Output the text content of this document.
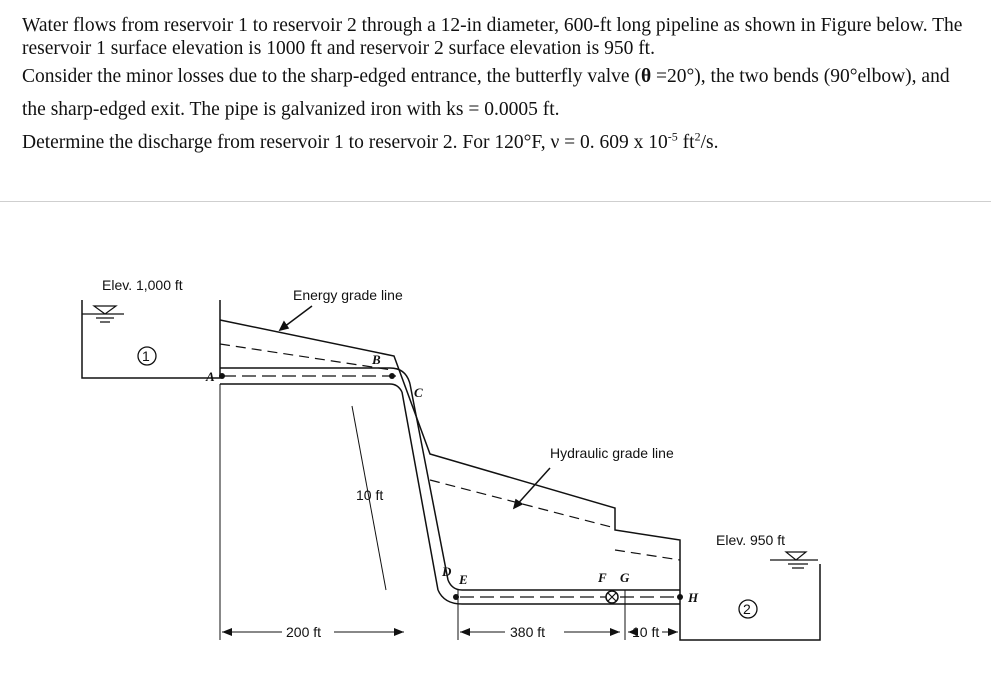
Water flows from reservoir 1 to reservoir 2 through a 12-in diameter, 600-ft long pipeline as shown in Figure below. The reservoir 1 surface elevation is 1000 ft and reservoir 2 surface elevation is 950 ft.

Consider the minor losses due to the sharp-edged entrance, the butterfly valve (θ =20°), the two bends (90°elbow), and the sharp-edged exit. The pipe is galvanized iron with ks = 0.0005 ft.

Determine the discharge from reservoir 1 to reservoir 2. For 120°F, ν = 0. 609 x $10^{-5}$ $ft^2/s$.

Elev. 1,000 ft
Elev. 950 ft
Energy grade line
Hydraulic grade line
1
2
10 ft
200 ft	380 ft	10 ft
A
B
C
D
E	F G
H
